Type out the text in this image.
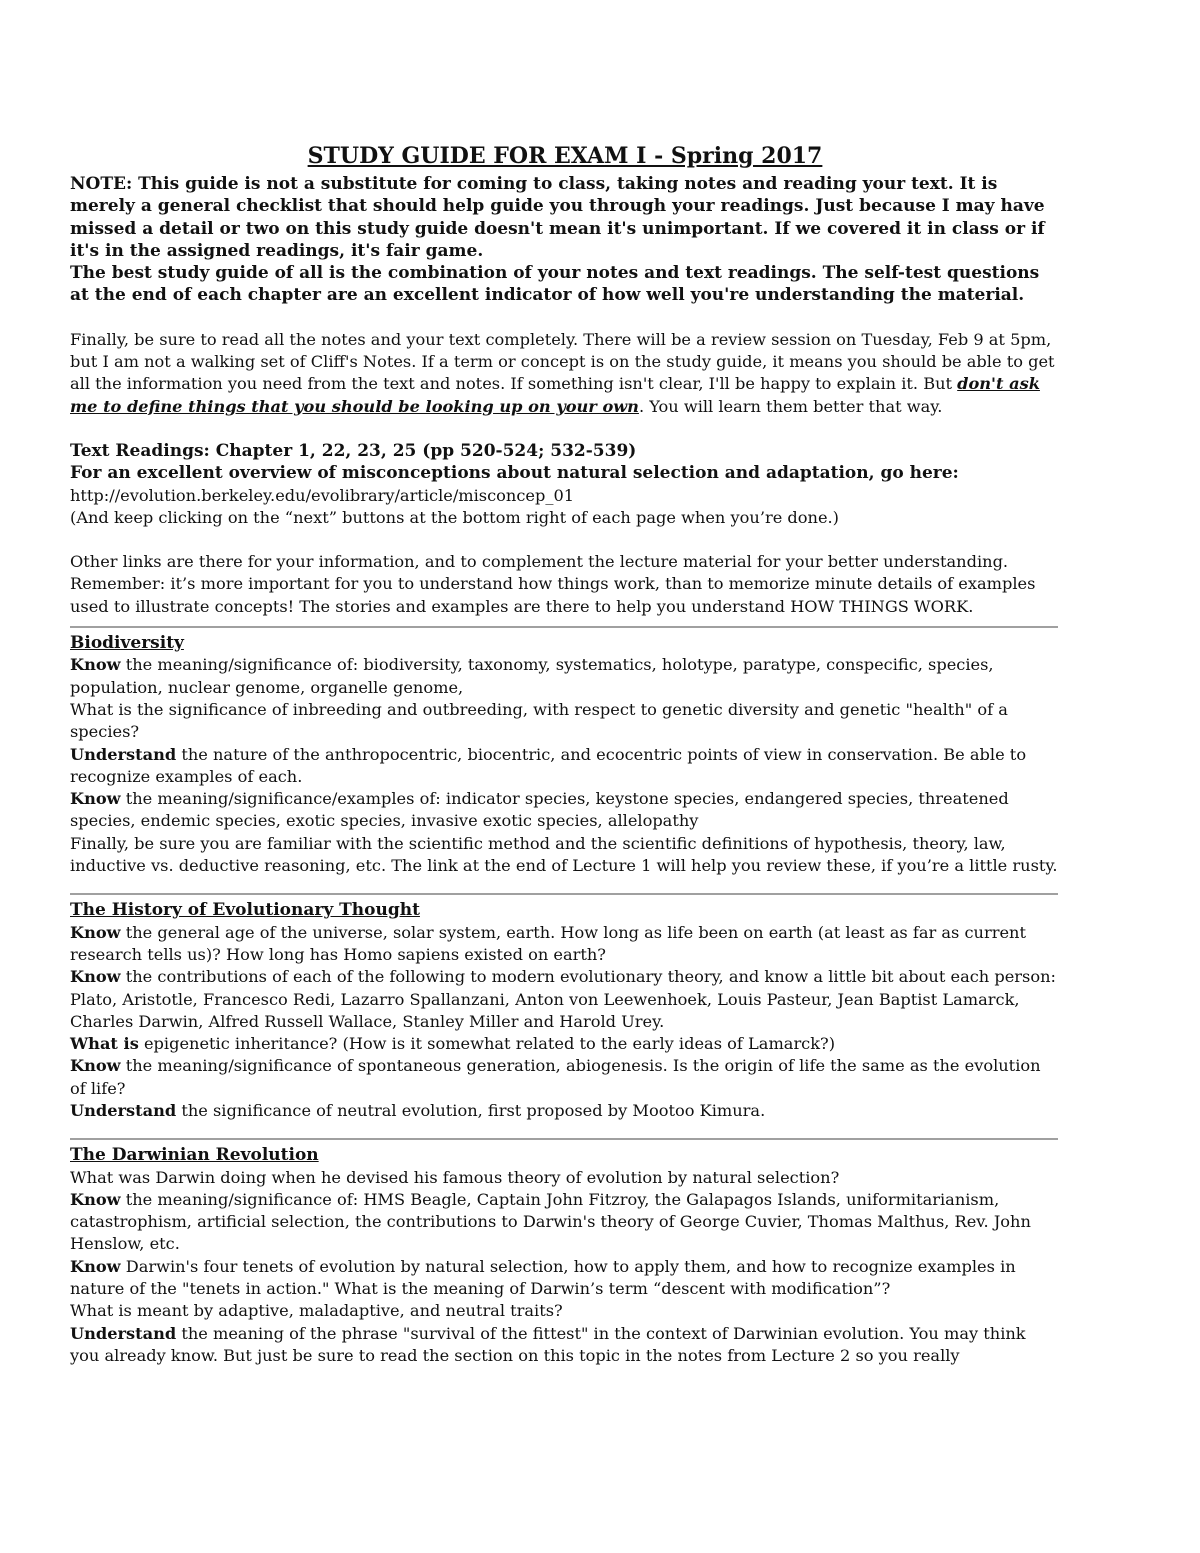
STUDY GUIDE FOR EXAM I - Spring 2017

NOTE: This guide is not a substitute for coming to class, taking notes and reading your text. It is merely a general checklist that should help guide you through your readings. Just because I may have missed a detail or two on this study guide doesn't mean it's unimportant. If we covered it in class or if it's in the assigned readings, it's fair game.

The best study guide of all is the combination of your notes and text readings. The self-test questions at the end of each chapter are an excellent indicator of how well you're understanding the material.

Finally, be sure to read all the notes and your text completely. There will be a review session on Tuesday, Feb 9 at 5pm, but I am not a walking set of Cliff's Notes. If a term or concept is on the study guide, it means you should be able to get all the information you need from the text and notes. If something isn't clear, I'll be happy to explain it. But don't ask me to define things that you should be looking up on your own. You will learn them better that way.

Text Readings: Chapter 1, 22, 23, 25 (pp 520-524; 532-539)

For an excellent overview of misconceptions about natural selection and adaptation, go here:

http://evolution.berkeley.edu/evolibrary/article/misconcep_01

(And keep clicking on the “next” buttons at the bottom right of each page when you’re done.)

Other links are there for your information, and to complement the lecture material for your better understanding. Remember: it’s more important for you to understand how things work, than to memorize minute details of examples used to illustrate concepts! The stories and examples are there to help you understand HOW THINGS WORK.

Biodiversity

Know the meaning/significance of: biodiversity, taxonomy, systematics, holotype, paratype, conspecific, species, population, nuclear genome, organelle genome,
What is the significance of inbreeding and outbreeding, with respect to genetic diversity and genetic "health" of a species?
Understand the nature of the anthropocentric, biocentric, and ecocentric points of view in conservation. Be able to recognize examples of each.
Know the meaning/significance/examples of: indicator species, keystone species, endangered species, threatened species, endemic species, exotic species, invasive exotic species, allelopathy
Finally, be sure you are familiar with the scientific method and the scientific definitions of hypothesis, theory, law, inductive vs. deductive reasoning, etc. The link at the end of Lecture 1 will help you review these, if you’re a little rusty.

The History of Evolutionary Thought

Know the general age of the universe, solar system, earth. How long as life been on earth (at least as far as current research tells us)? How long has Homo sapiens existed on earth?
Know the contributions of each of the following to modern evolutionary theory, and know a little bit about each person: Plato, Aristotle, Francesco Redi, Lazarro Spallanzani, Anton von Leewenhoek, Louis Pasteur, Jean Baptist Lamarck, Charles Darwin, Alfred Russell Wallace, Stanley Miller and Harold Urey.
What is epigenetic inheritance? (How is it somewhat related to the early ideas of Lamarck?)
Know the meaning/significance of spontaneous generation, abiogenesis. Is the origin of life the same as the evolution of life?
Understand the significance of neutral evolution, first proposed by Mootoo Kimura.

The Darwinian Revolution

What was Darwin doing when he devised his famous theory of evolution by natural selection?
Know the meaning/significance of: HMS Beagle, Captain John Fitzroy, the Galapagos Islands, uniformitarianism, catastrophism, artificial selection, the contributions to Darwin's theory of George Cuvier, Thomas Malthus, Rev. John Henslow, etc.
Know Darwin's four tenets of evolution by natural selection, how to apply them, and how to recognize examples in nature of the "tenets in action." What is the meaning of Darwin’s term “descent with modification”?
What is meant by adaptive, maladaptive, and neutral traits?
Understand the meaning of the phrase "survival of the fittest" in the context of Darwinian evolution. You may think you already know. But just be sure to read the section on this topic in the notes from Lecture 2 so you really
